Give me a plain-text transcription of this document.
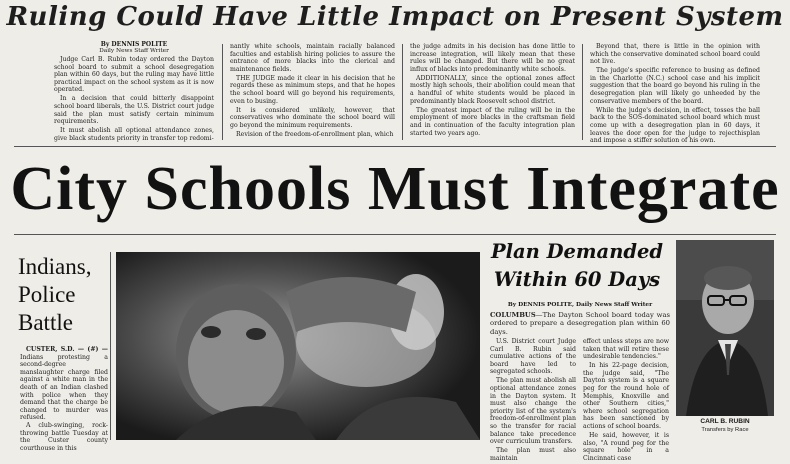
Ruling Could Have Little Impact on Present System
By DENNIS POLITE
Daily News Staff Writer

Judge Carl B. Rubin today ordered the Dayton school board to submit a school desegregation plan within 60 days, but the ruling may have little practical impact on the school system as it is now operated.

In a decision that could bitterly disappoint school board liberals, the U.S. District court judge said the plan must satisfy certain minimum requirements.

It must abolish all optional attendance zones, give black students priority in transfer top redomi-

nantly white schools, maintain racially balanced faculties and establish hiring policies to assure the entrance of more blacks into the clerical and maintenance fields.

THE JUDGE made it clear in his decision that he regards these as minimum steps, and that he hopes the school board will go beyond his requirements, even to busing.

It is considered unlikely, however, that conservatives who dominate the school board will go beyond the minimum requirements.

Revision of the freedom-of-enrollment plan, which

the judge admits in his decision has done little to increase integration, will likely mean that these rules will be changed. But there will be no great influx of blacks into predominantly white schools.

ADDITIONALLY, since the optional zones affect mostly high schools, their abolition could mean that a handful of white students would be placed in predominantly black Roosevelt school district.

The greatest impact of the ruling will be in the employment of more blacks in the craftsman field and in continuation of the faculty integration plan started two years ago.

Beyond that, there is little in the opinion with which the conservative dominated school board could not live.

The judge's specific reference to busing as defined in the Charlotte (N.C.) school case and his implicit suggestion that the board go beyond his ruling in the desegregation plan will likely go unheeded by the conservative members of the board.

While the judge's decision, in effect, tosses the ball back to the SOS-dominated school board which must come up with a desegregation plan in 60 days, it leaves the door open for the judge to rejecthisplan and impose a stiffer solution of his own.

City Schools Must Integrate
Indians,
Police
Battle

CUSTER, S.D. — (#) — Indians protesting a second-degree manslaughter charge filed against a white man in the death of an Indian clashed with police when they demand that the charge be changed to murder was refused.

A club-swinging, rock-throwing battle Tuesday at the Custer county courthouse in this

Plan Demanded
Within 60 Days
By DENNIS POLITE, Daily News Staff Writer
COLUMBUS—The Dayton School board today was ordered to prepare a desegregation plan within 60 days.

U.S. District court Judge Carl B. Rubin said cumulative actions of the board have led to segregated schools.

The plan must abolish all optional attendance zones in the Dayton system. It must also change the priority list of the system's freedom-of-enrollment plan so the transfer for racial balance take precedence over curriculum transfers.

The plan must also maintain

effect unless steps are now taken that will retire these undesirable tendencies."

In his 22-page decision, the judge said, "The Dayton system is a square peg for the round hole of Memphis, Knoxville and other Southern cities," where school segregation has been sanctioned by actions of school boards.

He said, however, it is also, "A round peg for the square hole" in a Cincinnati case

CARL B. RUBIN
Transfers by Race
